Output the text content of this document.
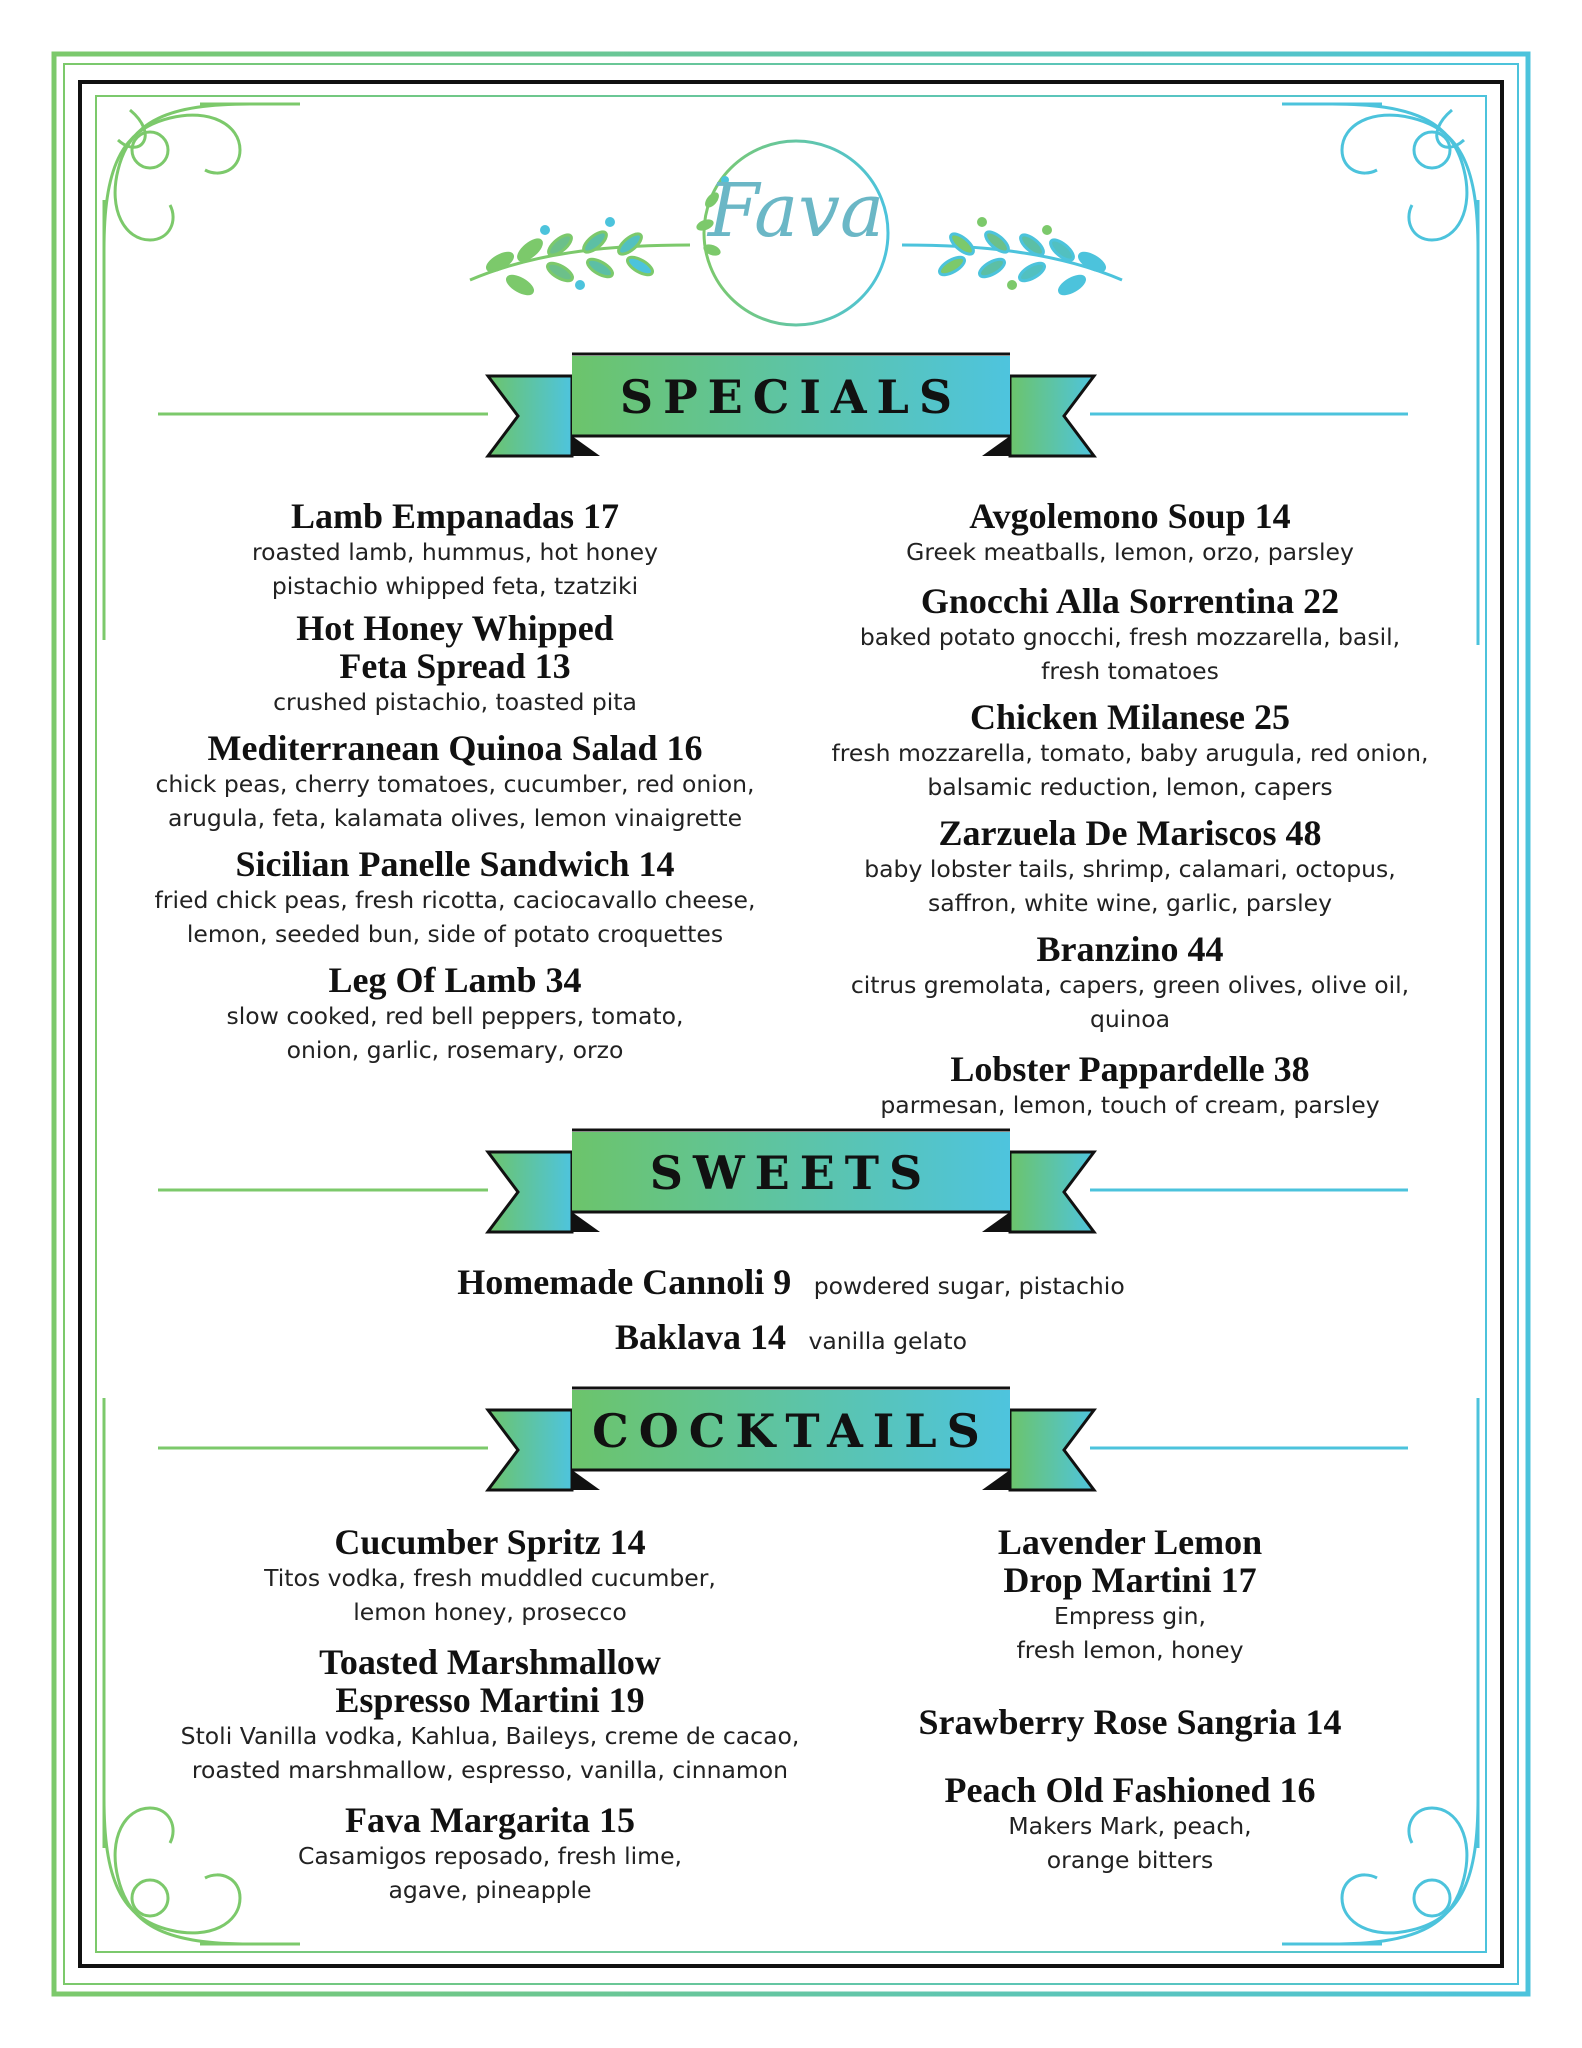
Fava
SPECIALS
SWEETS
COCKTAILS
Lamb Empanadas 17
roasted lamb, hummus, hot honey
pistachio whipped feta, tzatziki
Hot Honey Whipped
Feta Spread 13
crushed pistachio, toasted pita
Mediterranean Quinoa Salad 16
chick peas, cherry tomatoes, cucumber, red onion,
arugula, feta, kalamata olives, lemon vinaigrette
Sicilian Panelle Sandwich 14
fried chick peas, fresh ricotta, caciocavallo cheese,
lemon, seeded bun, side of potato croquettes
Leg Of Lamb 34
slow cooked, red bell peppers, tomato,
onion, garlic, rosemary, orzo
Avgolemono Soup 14
Greek meatballs, lemon, orzo, parsley
Gnocchi Alla Sorrentina 22
baked potato gnocchi, fresh mozzarella, basil,
fresh tomatoes
Chicken Milanese 25
fresh mozzarella, tomato, baby arugula, red onion,
balsamic reduction, lemon, capers
Zarzuela De Mariscos 48
baby lobster tails, shrimp, calamari, octopus,
saffron, white wine, garlic, parsley
Branzino 44
citrus gremolata, capers, green olives, olive oil, quinoa
Lobster Pappardelle 38
parmesan, lemon, touch of cream, parsley
Homemade Cannoli 9 powdered sugar, pistachio
Baklava 14 vanilla gelato
Cucumber Spritz 14
Titos vodka, fresh muddled cucumber,
lemon honey, prosecco
Toasted Marshmallow
Espresso Martini 19
Stoli Vanilla vodka, Kahlua, Baileys, creme de cacao,
roasted marshmallow, espresso, vanilla, cinnamon
Fava Margarita 15
Casamigos reposado, fresh lime,
agave, pineapple
Lavender Lemon
Drop Martini 17
Empress gin,
fresh lemon, honey
Srawberry Rose Sangria 14
Peach Old Fashioned 16
Makers Mark, peach,
orange bitters
